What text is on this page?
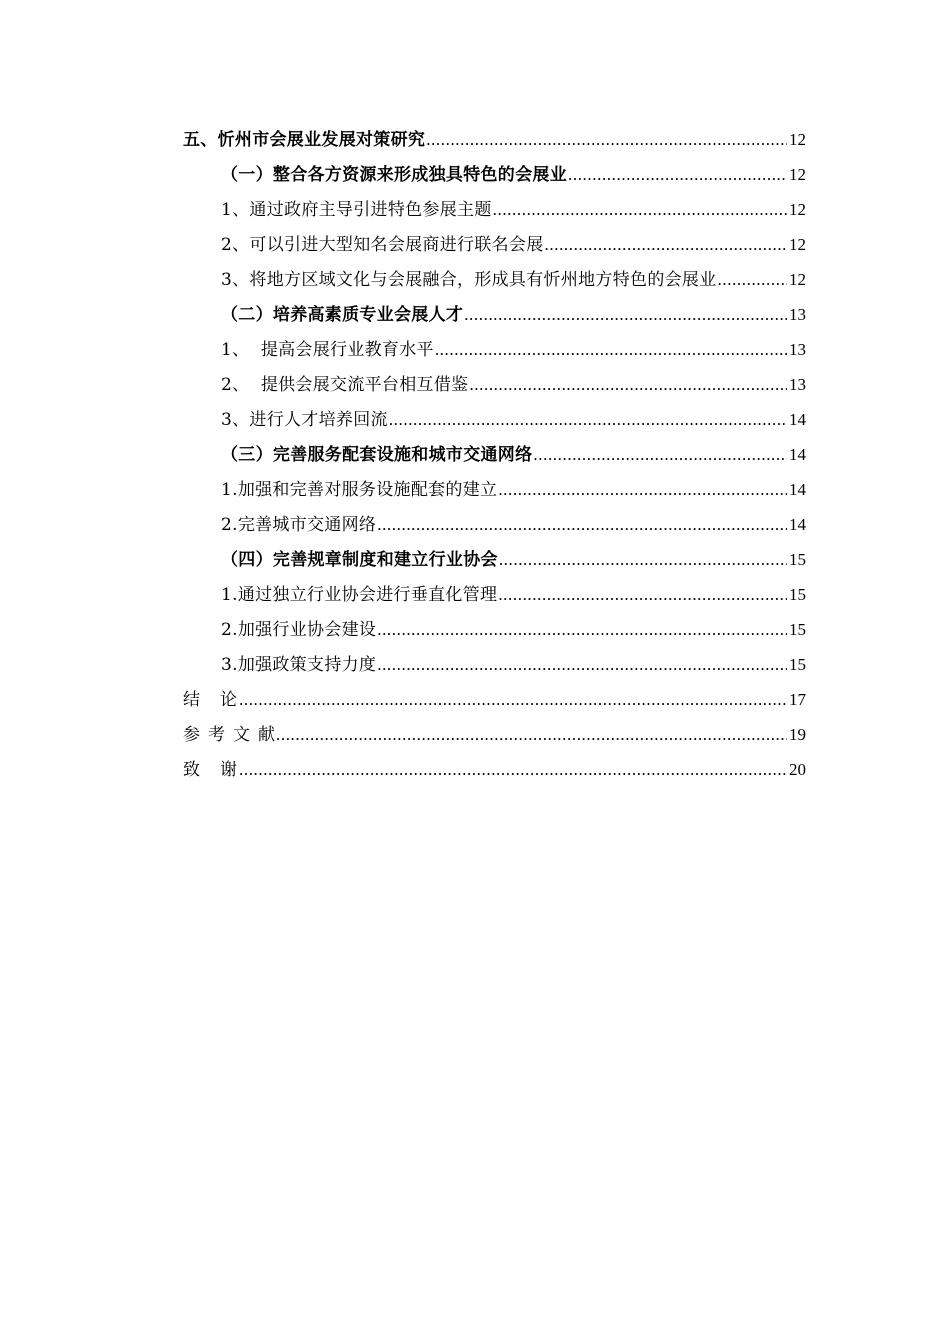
五、忻州市会展业发展对策研究 .....	12
（一）整合各方资源来形成独具特色的会展业 .....	12
1、通过政府主导引进特色参展主题 .....	12
2、可以引进大型知名会展商进行联名会展 .....	12
3、将地方区域文化与会展融合，形成具有忻州地方特色的会展业 .....	12
（二）培养高素质专业会展人才 .....	13
1、  提高会展行业教育水平 .....	13
2、  提供会展交流平台相互借鉴 .....	13
3、进行人才培养回流 .....	14
（三）完善服务配套设施和城市交通网络 .....	14
1.加强和完善对服务设施配套的建立 .....	14
2.完善城市交通网络 .....	14
（四）完善规章制度和建立行业协会 .....	15
1.通过独立行业协会进行垂直化管理 .....	15
2.加强行业协会建设 .....	15
3.加强政策支持力度 .....	15
结论 .....	17
参考文献 .....	19
致谢 .....	20
